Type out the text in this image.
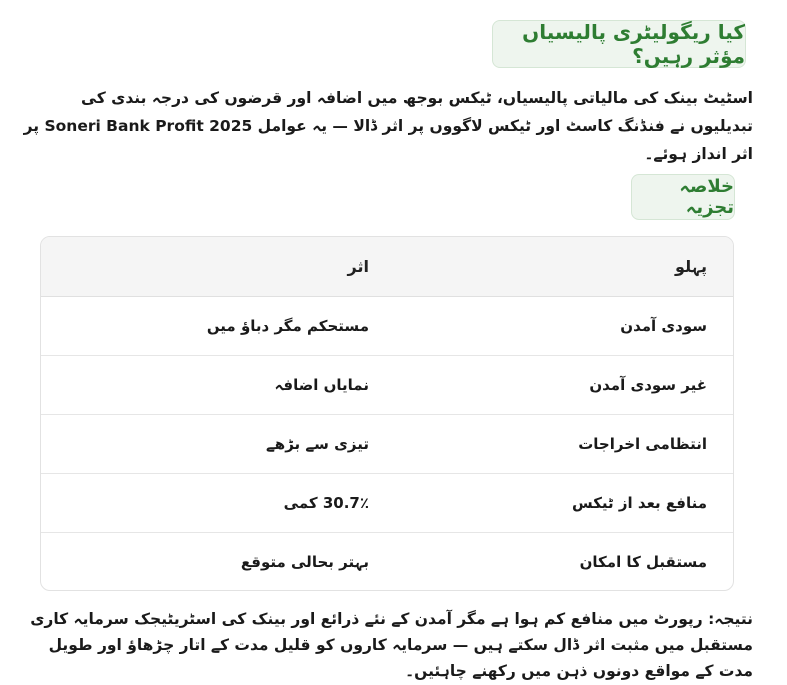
کیا ریگولیٹری پالیسیاں مؤثر رہیں؟

اسٹیٹ بینک کی مالیاتی پالیسیاں، ٹیکس بوجھ میں اضافہ اور قرضوں کی درجہ بندی کی تبدیلیوں نے فنڈنگ کاسٹ اور ٹیکس لاگووں پر اثر ڈالا — یہ عوامل Soneri Bank Profit 2025 پر اثر انداز ہوئے۔

خلاصہ تجزیہ
پہلو	اثر
سودی آمدن	مستحکم مگر دباؤ میں
غیر سودی آمدن	نمایاں اضافہ
انتظامی اخراجات	تیزی سے بڑھے
منافع بعد از ٹیکس	30.7٪ کمی
مستقبل کا امکان	بہتر بحالی متوقع

نتیجہ: رپورٹ میں منافع کم ہوا ہے مگر آمدن کے نئے ذرائع اور بینک کی اسٹریٹیجک سرمایہ کاری مستقبل میں مثبت اثر ڈال سکتے ہیں — سرمایہ کاروں کو قلیل مدت کے اتار چڑھاؤ اور طویل مدت کے مواقع دونوں ذہن میں رکھنے چاہئیں۔
